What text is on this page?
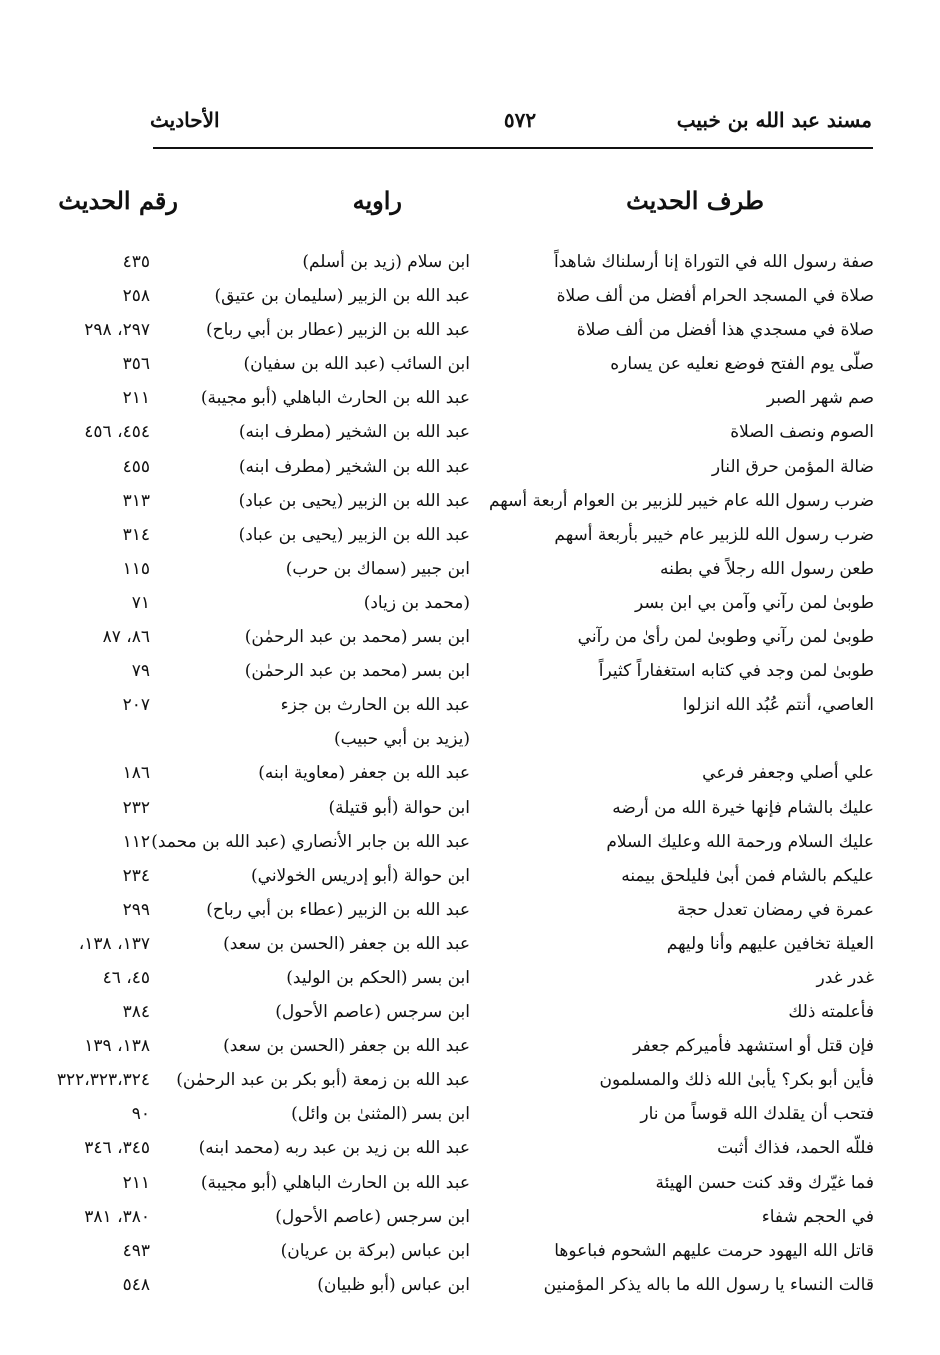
مسند عبد الله بن خبيب
٥٧٢
الأحاديث
طرف الحديث
راويه
رقم الحديث
صفة رسول الله في التوراة إنا أرسلناك شاهداً
ابن سلام (زيد بن أسلم)
٤٣٥
صلاة في المسجد الحرام أفضل من ألف صلاة
عبد الله بن الزبير (سليمان بن عتيق)
٢٥٨
صلاة في مسجدي هذا أفضل من ألف صلاة
عبد الله بن الزبير (عطار بن أبي رباح)
٢٩٧، ٢٩٨
صلّى يوم الفتح فوضع نعليه عن يساره
ابن السائب (عبد الله بن سفيان)
٣٥٦
صم شهر الصبر
عبد الله بن الحارث الباهلي (أبو مجيبة)
٢١١
الصوم ونصف الصلاة
عبد الله بن الشخير (مطرف ابنه)
٤٥٤، ٤٥٦
ضالة المؤمن حرق النار
عبد الله بن الشخير (مطرف ابنه)
٤٥٥
ضرب رسول الله عام خيبر للزبير بن العوام أربعة أسهم
عبد الله بن الزبير (يحيى بن عباد)
٣١٣
ضرب رسول الله للزبير عام خيبر بأربعة أسهم
عبد الله بن الزبير (يحيى بن عباد)
٣١٤
طعن رسول الله رجلاً في بطنه
ابن جبير (سماك بن حرب)
١١٥
طوبىٰ لمن رآني وآمن بي ابن بسر
(محمد بن زياد)
٧١
طوبىٰ لمن رآني وطوبىٰ لمن رأىٰ من رآني
ابن بسر (محمد بن عبد الرحمٰن)
٨٦، ٨٧
طوبىٰ لمن وجد في كتابه استغفاراً كثيراً
ابن بسر (محمد بن عبد الرحمٰن)
٧٩
العاصي، أنتم عُبُد الله انزلوا
عبد الله بن الحارث بن جزء
٢٠٧
(يزيد بن أبي حبيب)
علي أصلي وجعفر فرعي
عبد الله بن جعفر (معاوية ابنه)
١٨٦
عليك بالشام فإنها خيرة الله من أرضه
ابن حوالة (أبو قتيلة)
٢٣٢
عليك السلام ورحمة الله وعليك السلام
عبد الله بن جابر الأنصاري (عبد الله بن محمد)
١١٢
عليكم بالشام فمن أبىٰ فليلحق بيمنه
ابن حوالة (أبو إدريس الخولاني)
٢٣٤
عمرة في رمضان تعدل حجة
عبد الله بن الزبير (عطاء بن أبي رباح)
٢٩٩
العيلة تخافين عليهم وأنا وليهم
عبد الله بن جعفر (الحسن بن سعد)
١٣٧، ١٣٨،
غدر غدر
ابن بسر (الحكم بن الوليد)
٤٥، ٤٦
فأعلمته ذلك
ابن سرجس (عاصم الأحول)
٣٨٤
فإن قتل أو استشهد فأميركم جعفر
عبد الله بن جعفر (الحسن بن سعد)
١٣٨، ١٣٩
فأين أبو بكر؟ يأبىٰ الله ذلك والمسلمون
عبد الله بن زمعة (أبو بكر بن عبد الرحمٰن)
٣٢٢،٣٢٣،٣٢٤
فتحب أن يقلدك الله قوساً من نار
ابن بسر (المثنىٰ بن وائل)
٩٠
فللّه الحمد، فذاك أثبت
عبد الله بن زيد بن عبد ربه (محمد ابنه)
٣٤٥، ٣٤٦
فما غيّرك وقد كنت حسن الهيئة
عبد الله بن الحارث الباهلي (أبو مجيبة)
٢١١
في الحجم شفاء
ابن سرجس (عاصم الأحول)
٣٨٠، ٣٨١
قاتل الله اليهود حرمت عليهم الشحوم فباعوها
ابن عباس (بركة بن عريان)
٤٩٣
قالت النساء يا رسول الله ما باله يذكر المؤمنين
ابن عباس (أبو ظبيان)
٥٤٨
